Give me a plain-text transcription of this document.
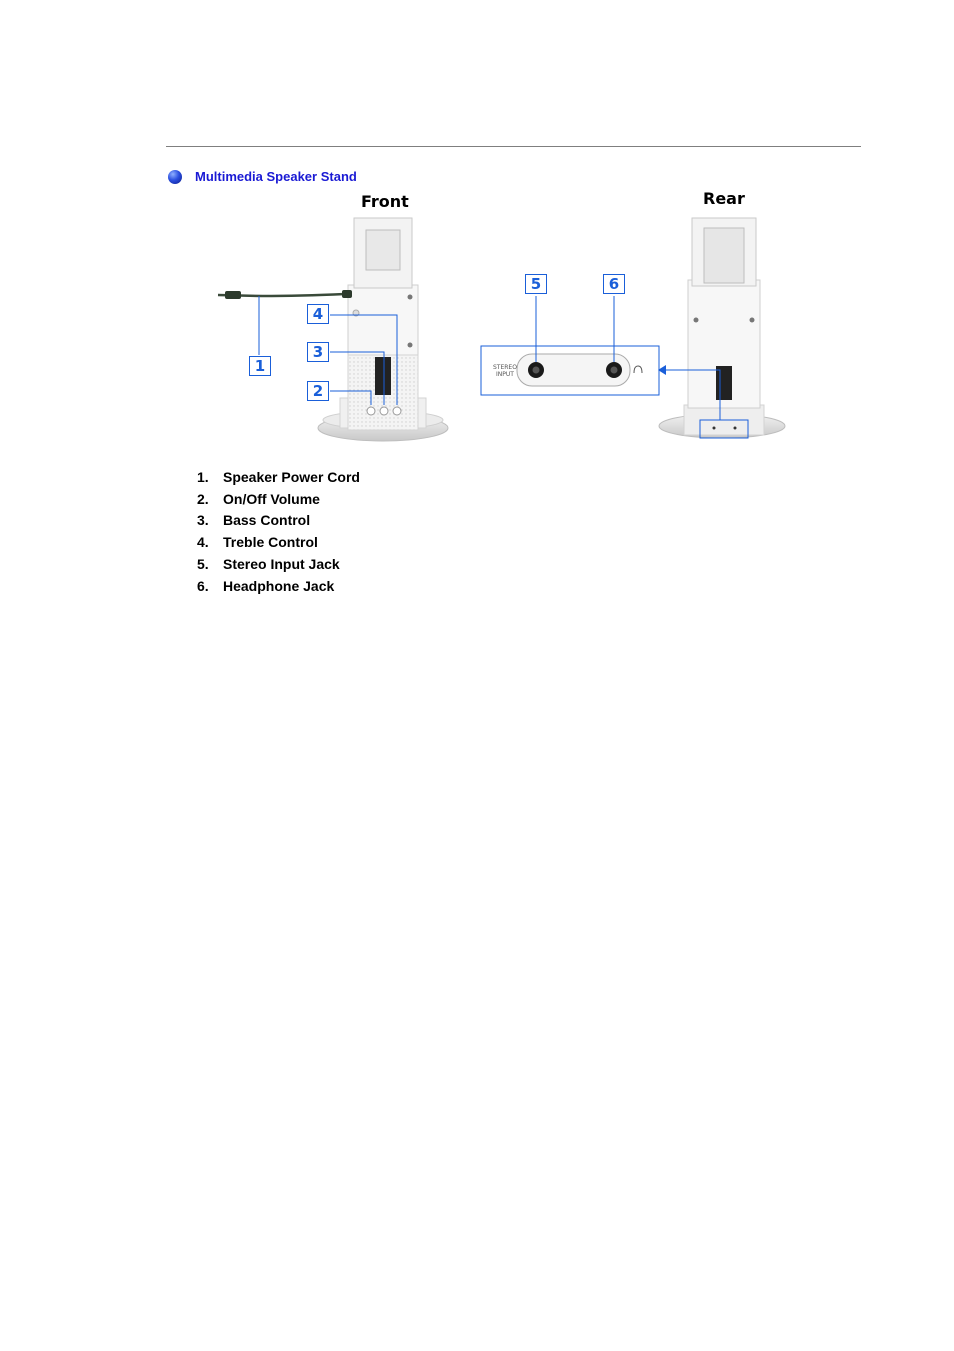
Multimedia Speaker Stand
STEREO
INPUT
Front	Rear
1
2
3
4
5	6
1.	Speaker Power Cord
2.	On/Off Volume
3.	Bass Control
4.	Treble Control
5.	Stereo Input Jack
6.	Headphone Jack
